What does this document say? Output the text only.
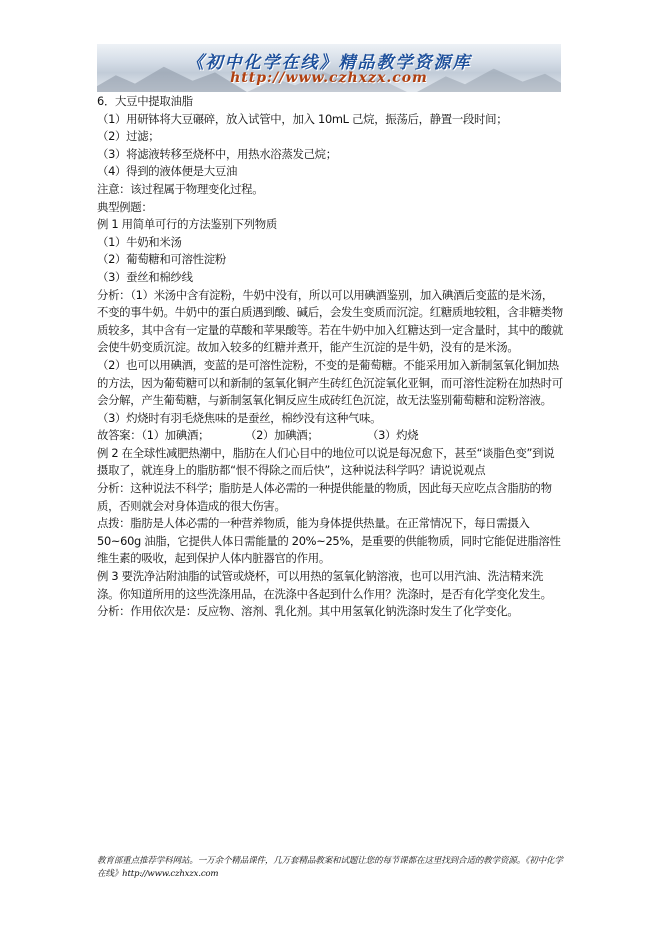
《初中化学在线》精品教学资源库
http://www.czhxzx.com

6．大豆中提取油脂

（1）用研钵将大豆碾碎，放入试管中，加入 10mL 己烷，振荡后，静置一段时间；

（2）过滤；

（3）将滤液转移至烧杯中，用热水浴蒸发己烷；

（4）得到的液体便是大豆油

注意：该过程属于物理变化过程。

典型例题：

例 1 用简单可行的方法鉴别下列物质

（1）牛奶和米汤

（2）葡萄糖和可溶性淀粉

（3）蚕丝和棉纱线

分析：（1）米汤中含有淀粉，牛奶中没有，所以可以用碘酒鉴别，加入碘酒后变蓝的是米汤，不变的事牛奶。牛奶中的蛋白质遇到酸、碱后，会发生变质而沉淀。红糖质地较粗，含非糖类物质较多，其中含有一定量的草酸和苹果酸等。若在牛奶中加入红糖达到一定含量时，其中的酸就会使牛奶变质沉淀。故加入较多的红糖并煮开，能产生沉淀的是牛奶，没有的是米汤。

（2）也可以用碘酒，变蓝的是可溶性淀粉，不变的是葡萄糖。不能采用加入新制氢氧化铜加热的方法，因为葡萄糖可以和新制的氢氧化铜产生砖红色沉淀氧化亚铜，而可溶性淀粉在加热时可会分解，产生葡萄糖，与新制氢氧化铜反应生成砖红色沉淀，故无法鉴别葡萄糖和淀粉溶液。

（3）灼烧时有羽毛烧焦味的是蚕丝，棉纱没有这种气味。

故答案：（1）加碘酒；	（2）加碘酒；	（3）灼烧

例 2 在全球性减肥热潮中，脂肪在人们心目中的地位可以说是每况愈下，甚至“谈脂色变”到说摄取了，就连身上的脂肪都“恨不得除之而后快”，这种说法科学吗？请说说观点

分析：这种说法不科学；脂肪是人体必需的一种提供能量的物质，因此每天应吃点含脂肪的物质，否则就会对身体造成的很大伤害。

点拨：脂肪是人体必需的一种营养物质，能为身体提供热量。在正常情况下，每日需摄入 50~60g 油脂，它提供人体日需能量的 20%~25%，是重要的供能物质，同时它能促进脂溶性维生素的吸收，起到保护人体内脏器官的作用。

例 3 要洗净沾附油脂的试管或烧杯，可以用热的氢氧化钠溶液，也可以用汽油、洗洁精来洗涤。你知道所用的这些洗涤用品，在洗涤中各起到什么作用？洗涤时，是否有化学变化发生。

分析：作用依次是：反应物、溶剂、乳化剂。其中用氢氧化钠洗涤时发生了化学变化。

教育部重点推荐学科网站。一万余个精品课件，几万套精品教案和试题让您的每节课都在这里找到合适的教学资源。《初中化学在线》http://www.czhxzx.com
